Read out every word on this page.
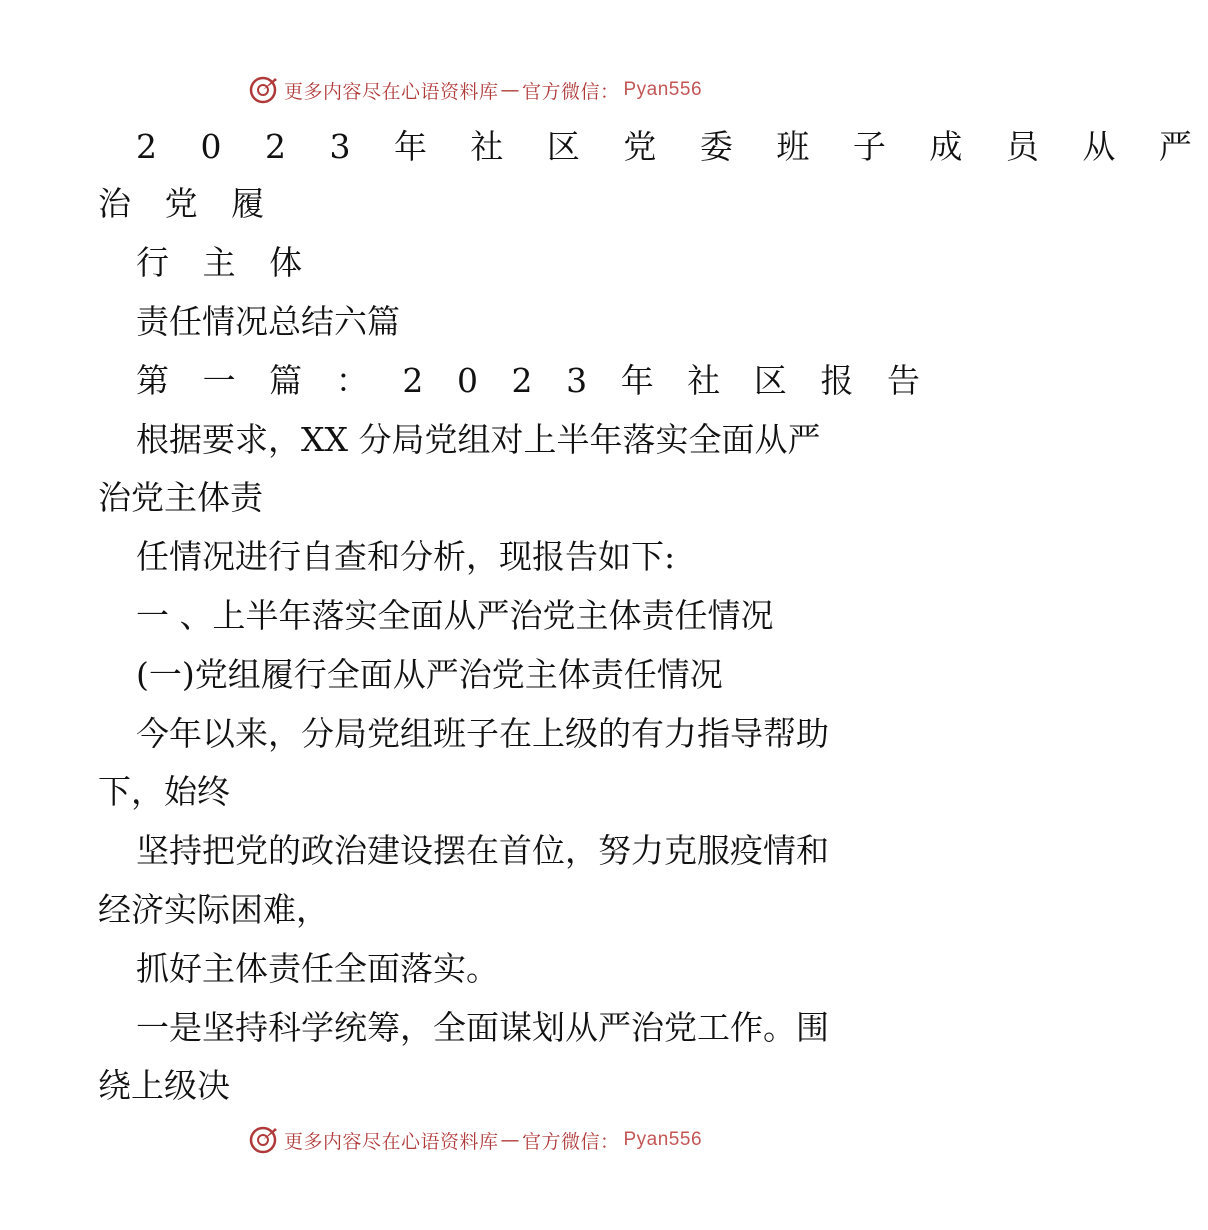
更多内容尽在心语资料库 — 官方微信： Pyan556
2 0 2 3 年 社 区 党 委 班 子 成 员 从 严
治 党 履
行 主 体
责任情况总结六篇
第 一 篇 ： 2 0 2 3 年 社 区 报 告
根据要求，XX 分局党组对上半年落实全面从严
治党主体责
任情况进行自查和分析，现报告如下:
一 、上半年落实全面从严治党主体责任情况
(一)党组履行全面从严治党主体责任情况
今年以来，分局党组班子在上级的有力指导帮助
下，始终
坚持把党的政治建设摆在首位，努力克服疫情和
经济实际困难，
抓好主体责任全面落实。
一是坚持科学统筹，全面谋划从严治党工作。围
绕上级决
更多内容尽在心语资料库 — 官方微信： Pyan556
